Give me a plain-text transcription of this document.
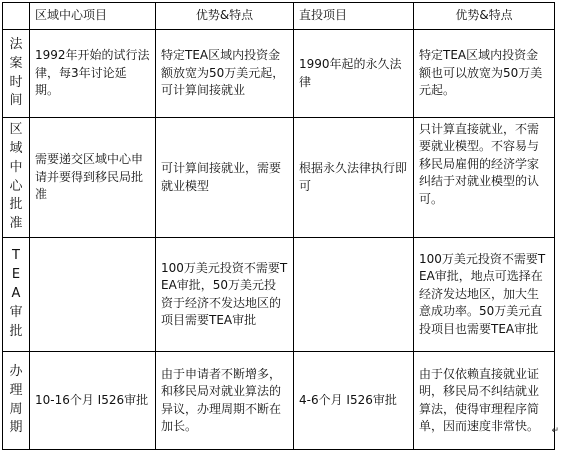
	区域中心项目	优势&特点	直投项目	优势&特点
法案时间	1992年开始的试行法律，每3年讨论延期。	特定TEA区域内投资金额放宽为50万美元起，可计算间接就业	1990年起的永久法律	特定TEA区域内投资金额也可以放宽为50万美元起。
区域中心批准	需要递交区域中心申请并要得到移民局批准	可计算间接就业，需要就业模型	根据永久法律执行即可	只计算直接就业，不需要就业模型。不容易与移民局雇佣的经济学家纠结于对就业模型的认可。
TEA审批		100万美元投资不需要TEA审批，50万美元投资于经济不发达地区的项目需要TEA审批		100万美元投资不需要TEA审批，地点可选择在经济发达地区，加大生意成功率。50万美元直投项目也需要TEA审批
办理周期	10-16个月 I526审批	由于申请者不断增多，和移民局对就业算法的异议，办理周期不断在加长。	4-6个月 I526审批	由于仅依赖直接就业证明，移民局不纠结就业算法，使得审理程序简单，因而速度非常快。 ↵
